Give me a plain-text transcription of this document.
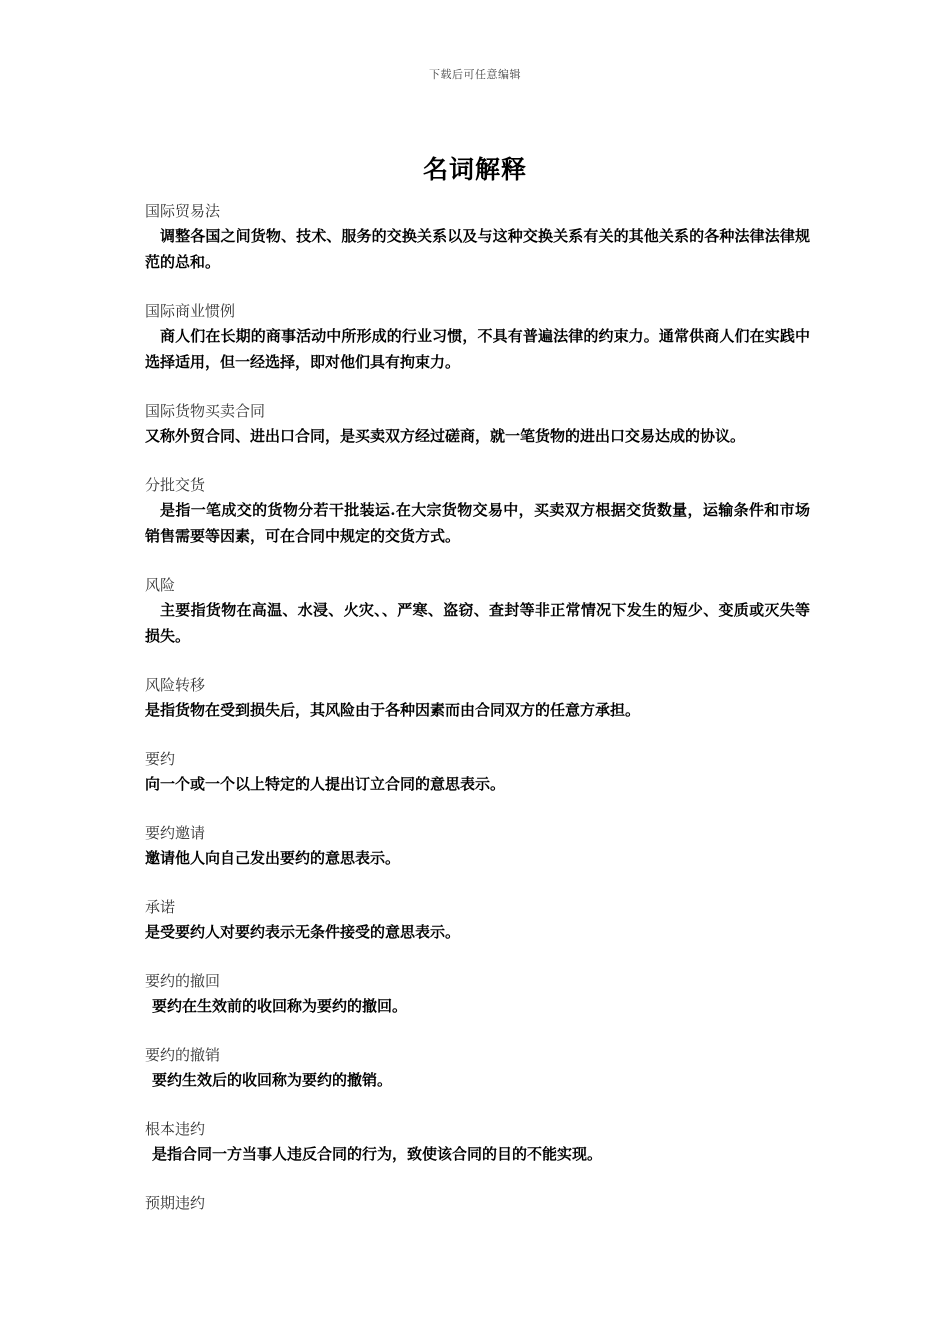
下载后可任意编辑
名词解释
国际贸易法
调整各国之间货物、技术、服务的交换关系以及与这种交换关系有关的其他关系的各种法律法律规范的总和。
国际商业惯例
商人们在长期的商事活动中所形成的行业习惯，不具有普遍法律的约束力。通常供商人们在实践中选择适用，但一经选择，即对他们具有拘束力。
国际货物买卖合同
又称外贸合同、进出口合同，是买卖双方经过磋商，就一笔货物的进出口交易达成的协议。
分批交货
是指一笔成交的货物分若干批装运.在大宗货物交易中，买卖双方根据交货数量，运输条件和市场销售需要等因素，可在合同中规定的交货方式。
风险
主要指货物在高温、水浸、火灾、、严寒、盗窃、查封等非正常情况下发生的短少、变质或灭失等损失。
风险转移
是指货物在受到损失后，其风险由于各种因素而由合同双方的任意方承担。
要约
向一个或一个以上特定的人提出订立合同的意思表示。
要约邀请
邀请他人向自己发出要约的意思表示。
承诺
是受要约人对要约表示无条件接受的意思表示。
要约的撤回
要约在生效前的收回称为要约的撤回。
要约的撤销
要约生效后的收回称为要约的撤销。
根本违约
是指合同一方当事人违反合同的行为，致使该合同的目的不能实现。
预期违约
